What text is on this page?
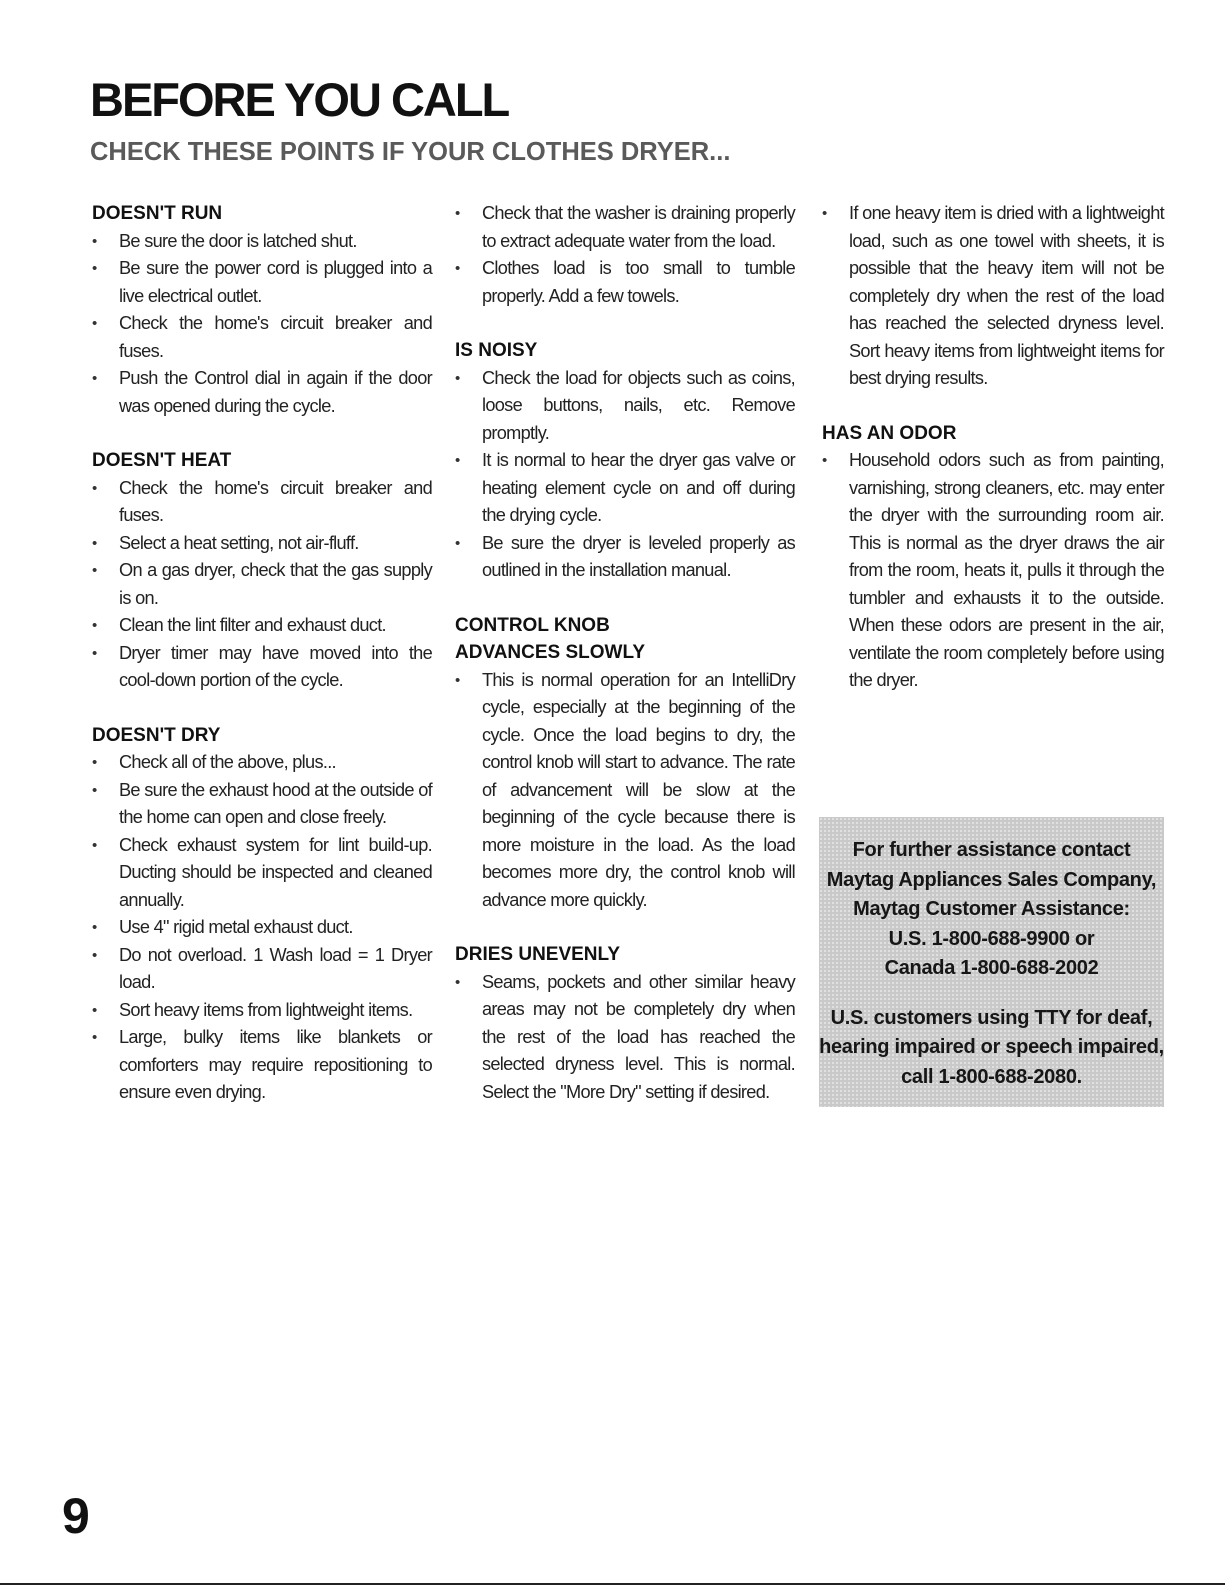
BEFORE YOU CALL
CHECK THESE POINTS IF YOUR CLOTHES DRYER...
DOESN'T RUN
• Be sure the door is latched shut.
• Be sure the power cord is plugged into a live electrical outlet.
• Check the home's circuit breaker and fuses.
• Push the Control dial in again if the door was opened during the cycle.
DOESN'T HEAT
• Check the home's circuit breaker and fuses.
• Select a heat setting, not air-fluff.
• On a gas dryer, check that the gas supply is on.
• Clean the lint filter and exhaust duct.
• Dryer timer may have moved into the cool-down portion of the cycle.
DOESN'T DRY
• Check all of the above, plus...
• Be sure the exhaust hood at the outside of the home can open and close freely.
• Check exhaust system for lint build-up. Ducting should be inspected and cleaned annually.
• Use 4" rigid metal exhaust duct.
• Do not overload. 1 Wash load = 1 Dryer load.
• Sort heavy items from lightweight items.
• Large, bulky items like blankets or comforters may require repositioning to ensure even drying.
• Check that the washer is draining properly to extract adequate water from the load.
• Clothes load is too small to tumble properly. Add a few towels.
IS NOISY
• Check the load for objects such as coins, loose buttons, nails, etc. Remove promptly.
• It is normal to hear the dryer gas valve or heating element cycle on and off during the drying cycle.
• Be sure the dryer is leveled properly as outlined in the installation manual.
CONTROL KNOB ADVANCES SLOWLY
• This is normal operation for an IntelliDry cycle, especially at the beginning of the cycle. Once the load begins to dry, the control knob will start to advance. The rate of advancement will be slow at the beginning of the cycle because there is more moisture in the load. As the load becomes more dry, the control knob will advance more quickly.
DRIES UNEVENLY
• Seams, pockets and other similar heavy areas may not be completely dry when the rest of the load has reached the selected dryness level. This is normal. Select the "More Dry" setting if desired.
• If one heavy item is dried with a lightweight load, such as one towel with sheets, it is possible that the heavy item will not be completely dry when the rest of the load has reached the selected dryness level. Sort heavy items from lightweight items for best drying results.
HAS AN ODOR
• Household odors such as from painting, varnishing, strong cleaners, etc. may enter the dryer with the surrounding room air. This is normal as the dryer draws the air from the room, heats it, pulls it through the tumbler and exhausts it to the outside. When these odors are present in the air, ventilate the room completely before using the dryer.

For further assistance contact

Maytag Appliances Sales Company,

Maytag Customer Assistance:

U.S. 1-800-688-9900 or

Canada 1-800-688-2002

U.S. customers using TTY for deaf,

hearing impaired or speech impaired,

call 1-800-688-2080.

9
